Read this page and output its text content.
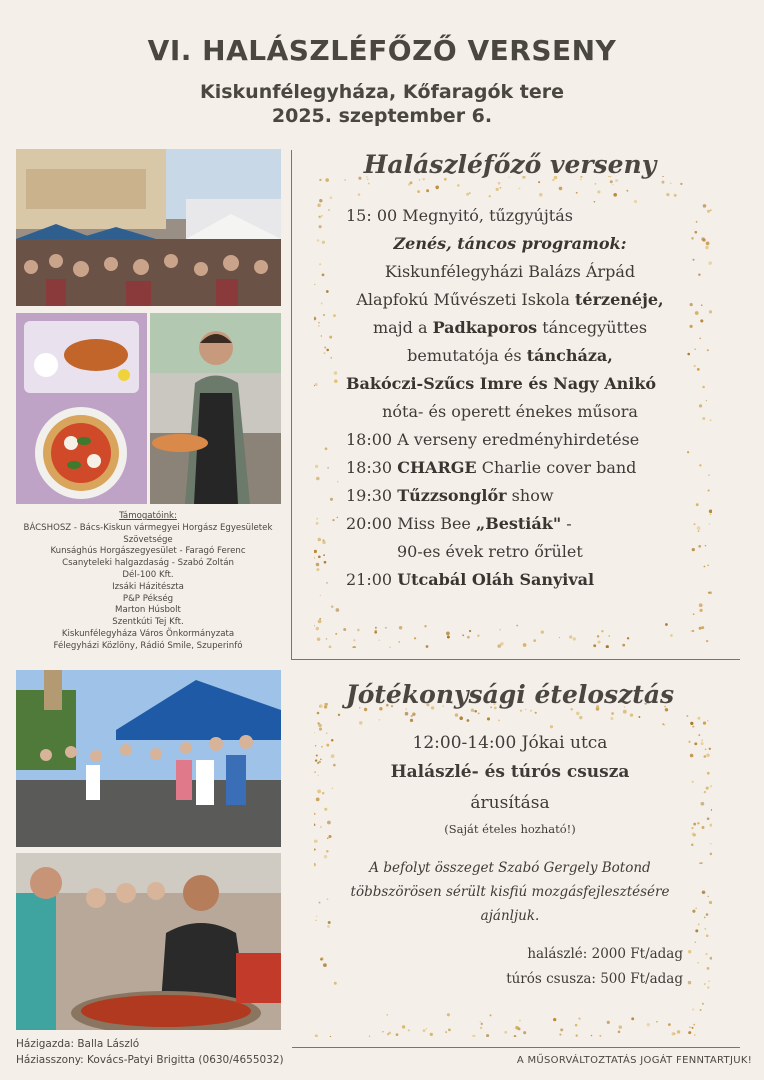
VI. HALÁSZLÉFŐZŐ VERSENY
Kiskunfélegyháza, Kőfaragók tere
2025. szeptember 6.
Támogatóink:
BÁCSHOSZ - Bács-Kiskun vármegyei Horgász Egyesületek
Szövetsége
Kunsághús Horgászegyesület - Faragó Ferenc
Csanyteleki halgazdaság - Szabó Zoltán
Dél-100 Kft.
Izsáki Házitészta
P&P Pékség
Marton Húsbolt
Szentkúti Tej Kft.
Kiskunfélegyháza Város Önkormányzata
Félegyházi Közlöny, Rádió Smile, Szuperinfó
Halászléfőző verseny
15: 00 Megnyitó, tűzgyújtás
Zenés, táncos programok:
Kiskunfélegyházi Balázs Árpád
Alapfokú Művészeti Iskola térzenéje,
majd a Padkaporos táncegyüttes
bemutatója és táncháza,
Bakóczi-Szűcs Imre és Nagy Anikó
nóta- és operett énekes műsora
18:00 A verseny eredményhirdetése
18:30 CHARGE Charlie cover band
19:30 Tűzzsonglőr show
20:00 Miss Bee „Bestiák" -
90-es évek retro őrület
21:00 Utcabál Oláh Sanyival
Jótékonysági ételosztás
12:00-14:00 Jókai utca
Halászlé- és túrós csusza
árusítása
(Saját ételes hozható!)
A befolyt összeget Szabó Gergely Botond
többszörösen sérült kisfiú mozgásfejlesztésére
ajánljuk.
halászlé: 2000 Ft/adag
túrós csusza: 500 Ft/adag
Házigazda: Balla László
Háziasszony: Kovács-Patyi Brigitta (0630/4655032)	A MŰSORVÁLTOZTATÁS JOGÁT FENNTARTJUK!
